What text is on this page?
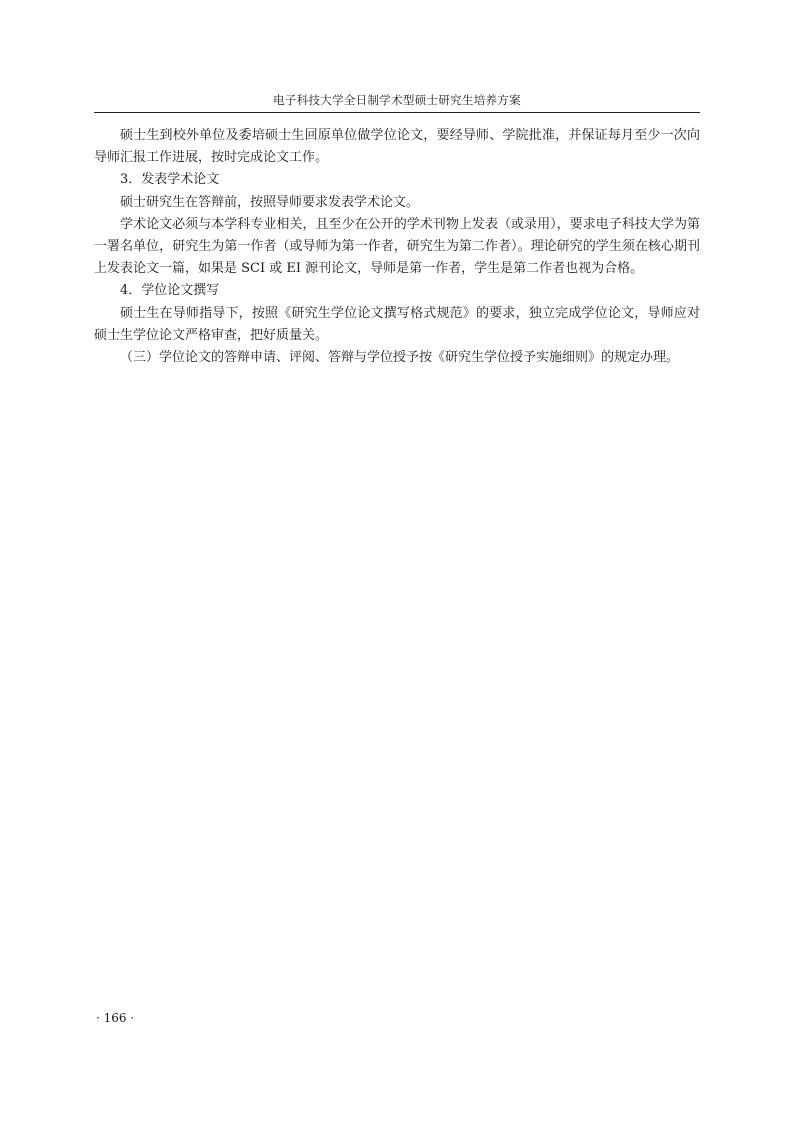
电子科技大学全日制学术型硕士研究生培养方案

硕士生到校外单位及委培硕士生回原单位做学位论文，要经导师、学院批准，并保证每月至少一次向导师汇报工作进展，按时完成论文工作。

3．发表学术论文

硕士研究生在答辩前，按照导师要求发表学术论文。

学术论文必须与本学科专业相关，且至少在公开的学术刊物上发表（或录用），要求电子科技大学为第一署名单位，研究生为第一作者（或导师为第一作者，研究生为第二作者）。理论研究的学生须在核心期刊上发表论文一篇，如果是 SCI 或 EI 源刊论文，导师是第一作者，学生是第二作者也视为合格。

4．学位论文撰写

硕士生在导师指导下，按照《研究生学位论文撰写格式规范》的要求，独立完成学位论文，导师应对硕士生学位论文严格审查，把好质量关。

（三）学位论文的答辩申请、评阅、答辩与学位授予按《研究生学位授予实施细则》的规定办理。

· 166 ·
